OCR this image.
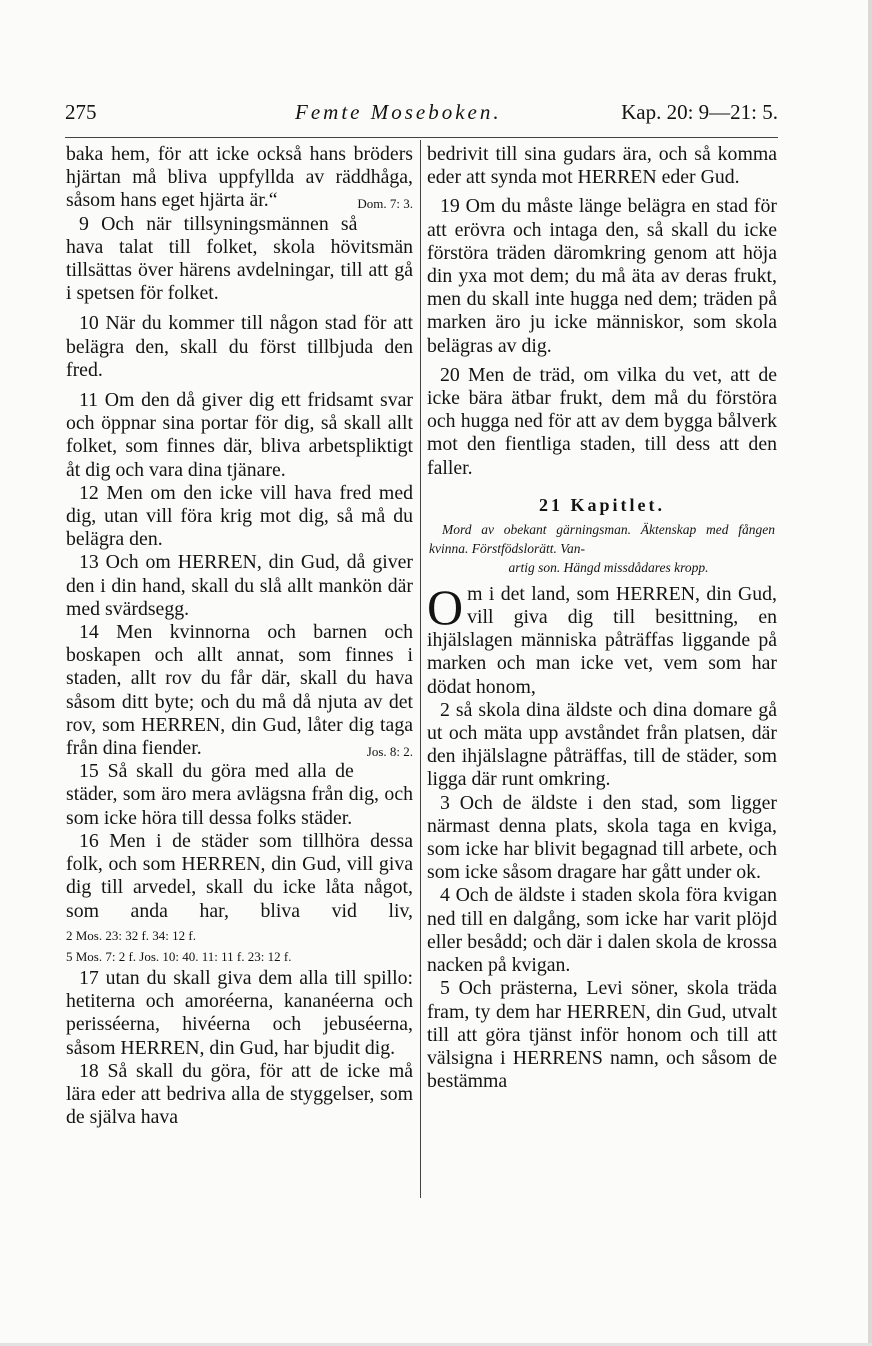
275	Femte Moseboken.	Kap. 20: 9—21: 5.

baka hem, för att icke också hans bröders hjärtan må bliva uppfyllda av räddhåga, såsom hans eget hjärta är.“	Dom. 7: 3.

9 Och när tillsyningsmännen så hava talat till folket, skola hövitsmän tillsättas över härens avdelningar, till att gå i spetsen för folket.

10 När du kommer till någon stad för att belägra den, skall du först tillbjuda den fred.

11 Om den då giver dig ett fridsamt svar och öppnar sina portar för dig, så skall allt folket, som finnes där, bliva arbetspliktigt åt dig och vara dina tjänare.

12 Men om den icke vill hava fred med dig, utan vill föra krig mot dig, så må du belägra den.

13 Och om HERREN, din Gud, då giver den i din hand, skall du slå allt mankön där med svärdsegg.

14 Men kvinnorna och barnen och boskapen och allt annat, som finnes i staden, allt rov du får där, skall du hava såsom ditt byte; och du må då njuta av det rov, som HERREN, din Gud, låter dig taga från dina fiender.	Jos. 8: 2.

15 Så skall du göra med alla de städer, som äro mera avlägsna från dig, och som icke höra till dessa folks städer.

16 Men i de städer som tillhöra dessa folk, och som HERREN, din Gud, vill giva dig till arvedel, skall du icke låta något, som anda har, bliva vid liv, 2 Mos. 23: 32 f. 34: 12 f.

5 Mos. 7: 2 f. Jos. 10: 40. 11: 11 f. 23: 12 f.

17 utan du skall giva dem alla till spillo: hetiterna och amoréerna, kananéerna och perisséerna, hivéerna och jebuséerna, såsom HERREN, din Gud, har bjudit dig.

18 Så skall du göra, för att de icke må lära eder att bedriva alla de styggelser, som de själva hava

bedrivit till sina gudars ära, och så komma eder att synda mot HERREN eder Gud.

19 Om du måste länge belägra en stad för att erövra och intaga den, så skall du icke förstöra träden däromkring genom att höja din yxa mot dem; du må äta av deras frukt, men du skall inte hugga ned dem; träden på marken äro ju icke människor, som skola belägras av dig.

20 Men de träd, om vilka du vet, att de icke bära ätbar frukt, dem må du förstöra och hugga ned för att av dem bygga bålverk mot den fientliga staden, till dess att den faller.

21 Kapitlet.

Mord av obekant gärningsman. Äktenskap med fången kvinna. Förstfödslorätt. Van-
artig son. Hängd missdådares kropp.

Om i det land, som HERREN, din Gud, vill giva dig till besittning, en ihjälslagen människa påträffas liggande på marken och man icke vet, vem som har dödat honom,

2 så skola dina äldste och dina domare gå ut och mäta upp avståndet från platsen, där den ihjälslagne påträffas, till de städer, som ligga där runt omkring.

3 Och de äldste i den stad, som ligger närmast denna plats, skola taga en kviga, som icke har blivit begagnad till arbete, och som icke såsom dragare har gått under ok.

4 Och de äldste i staden skola föra kvigan ned till en dalgång, som icke har varit plöjd eller besådd; och där i dalen skola de krossa nacken på kvigan.

5 Och prästerna, Levi söner, skola träda fram, ty dem har HERREN, din Gud, utvalt till att göra tjänst inför honom och till att välsigna i HERRENS namn, och såsom de bestämma
